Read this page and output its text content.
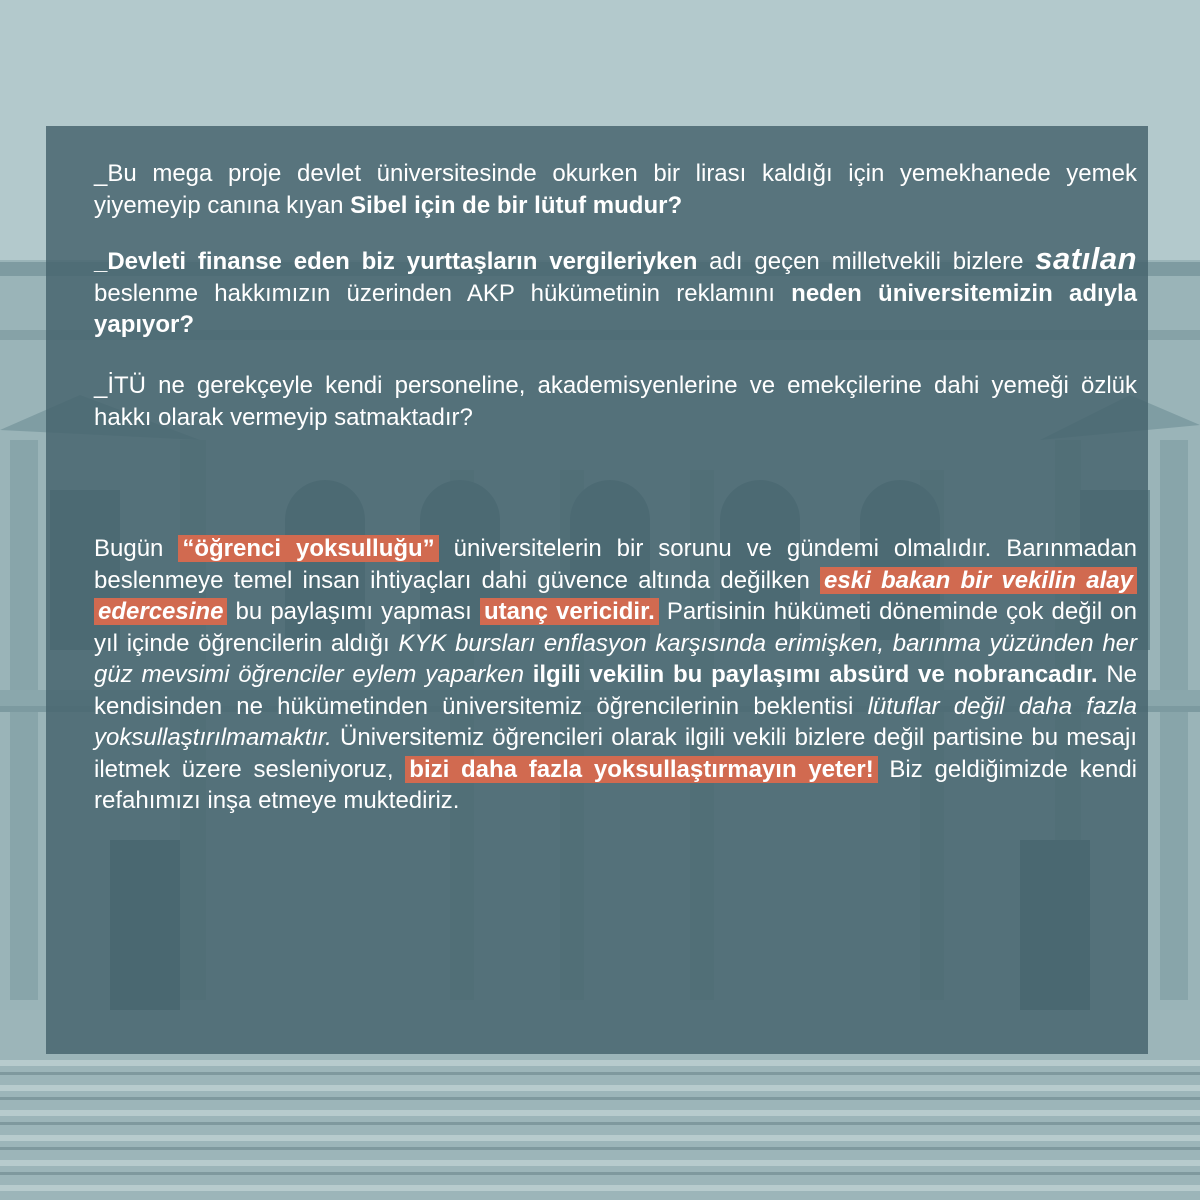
_Bu mega proje devlet üniversitesinde okurken bir lirası kaldığı için yemekhanede yemek yiyemeyip canına kıyan Sibel için de bir lütuf mudur?

_Devleti finanse eden biz yurttaşların vergileriyken adı geçen milletvekili bizlere satılan beslenme hakkımızın üzerinden AKP hükümetinin reklamını neden üniversitemizin adıyla yapıyor?

_İTÜ ne gerekçeyle kendi personeline, akademisyenlerine ve emekçilerine dahi yemeği özlük hakkı olarak vermeyip satmaktadır?

Bugün “öğrenci yoksulluğu” üniversitelerin bir sorunu ve gündemi olmalıdır. Barınmadan beslenmeye temel insan ihtiyaçları dahi güvence altında değilken eski bakan bir vekilin alay edercesine bu paylaşımı yapması utanç vericidir. Partisinin hükümeti döneminde çok değil on yıl içinde öğrencilerin aldığı KYK bursları enflasyon karşısında erimişken, barınma yüzünden her güz mevsimi öğrenciler eylem yaparken ilgili vekilin bu paylaşımı absürd ve nobrancadır. Ne kendisinden ne hükümetinden üniversitemiz öğrencilerinin beklentisi lütuflar değil daha fazla yoksullaştırılmamaktır. Üniversitemiz öğrencileri olarak ilgili vekili bizlere değil partisine bu mesajı iletmek üzere sesleniyoruz, bizi daha fazla yoksullaştırmayın yeter! Biz geldiğimizde kendi refahımızı inşa etmeye muktediriz.
